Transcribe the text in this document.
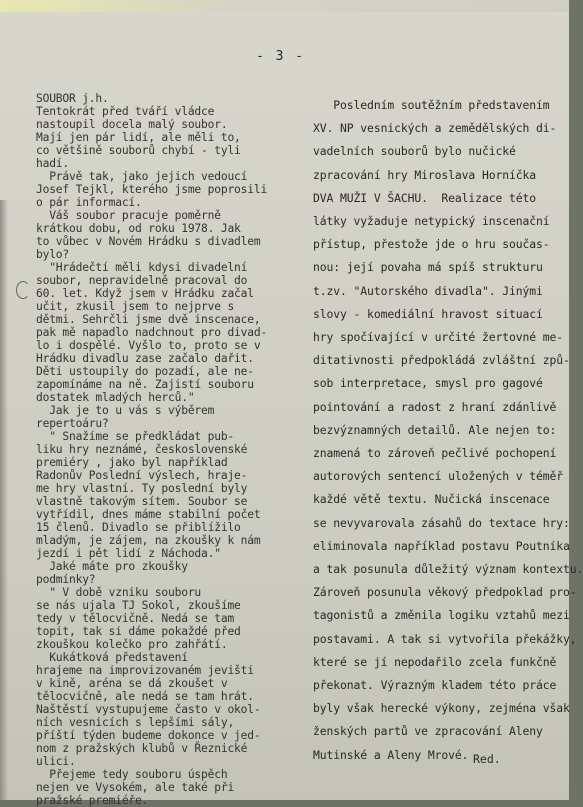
- 3 -
SOUBOR j.h.
Tentokrát před tváří vládce
nastoupil docela malý soubor.
Mají jen pár lidí, ale měli to,
co většině souborů chybí - tyli
hadí.
Právě tak, jako jejich vedoucí
Josef Tejkl, kterého jsme poprosili
o pár informací.
Váš soubor pracuje poměrně
krátkou dobu, od roku 1978. Jak
to vůbec v Novém Hrádku s divadlem
bylo?
"Hrádečtí měli kdysi divadelní
soubor, nepravidelně pracoval do
60. let. Když jsem v Hrádku začal
učit, zkusil jsem to nejprve s
dětmi. Sehrčli jsme dvě inscenace,
pak mě napadlo nadchnout pro divad-
lo i dospělé. Vyšlo to, proto se v
Hrádku divadlu zase začalo dařit.
Děti ustoupily do pozadí, ale ne-
zapomínáme na ně. Zajistí souboru
dostatek mladých herců."
Jak je to u vás s výběrem
repertoáru?
" Snažíme se předkládat pub-
liku hry neznámé, československé
premiéry , jako byl například
Radonův Poslední výslech, hraje-
me hry vlastní. Ty poslední byly
vlastně takovým sítem. Soubor se
vytřídil, dnes máme stabilní počet
15 členů. Divadlo se přiblížilo
mladým, je zájem, na zkoušky k nám
jezdí i pět lidí z Náchoda."
Jaké máte pro zkoušky
podmínky?
" V době vzniku souboru
se nás ujala TJ Sokol, zkoušíme
tedy v tělocvičně. Nedá se tam
topit, tak si dáme pokaždé před
zkouškou kolečko pro zahřátí.
Kukátková představení
hrajeme na improvizovaném jevišti
v kině, aréna se dá zkoušet v
tělocvičně, ale nedá se tam hrát.
Naštěstí vystupujeme často v okol-
ních vesnicích s lepšími sály,
příští týden budeme dokonce v jed-
nom z pražských klubů v Řeznické
ulici.
Přejeme tedy souboru úspěch
nejen ve Vysokém, ale také při
pražské premiéře.
Posledním soutěžním představením
XV. NP vesnických a zemědělských di-
vadelních souborů bylo nučické
zpracování hry Miroslava Horníčka
DVA MUŽI V ŠACHU.  Realizace této
látky vyžaduje netypický inscenační
přístup, přestože jde o hru součas-
nou: její povaha má spíš strukturu
t.zv. "Autorského divadla". Jinými
slovy - komediální hravost situací
hry spočívající v určité žertovné me-
ditativnosti předpokládá zvláštní způ-
sob interpretace, smysl pro gagové
pointování a radost z hraní zdánlivě
bezvýznamných detailů. Ale nejen to:
znamená to zároveň pečlivé pochopení
autorových sentencí uložených v téměř
každé větě textu. Nučická inscenace
se nevyvarovala zásahů do textace hry:
eliminovala například postavu Poutníka
a tak posunula důležitý význam kontextu.
Zároveň posunula věkový předpoklad pro-
tagonistů a změnila logiku vztahů mezi
postavami. A tak si vytvořila překážky,
které se jí nepodařilo zcela funkčně
překonat. Výrazným kladem této práce
byly však herecké výkony, zejména však
ženských partů ve zpracování Aleny
Mutinské a Aleny Mrové. Red.
